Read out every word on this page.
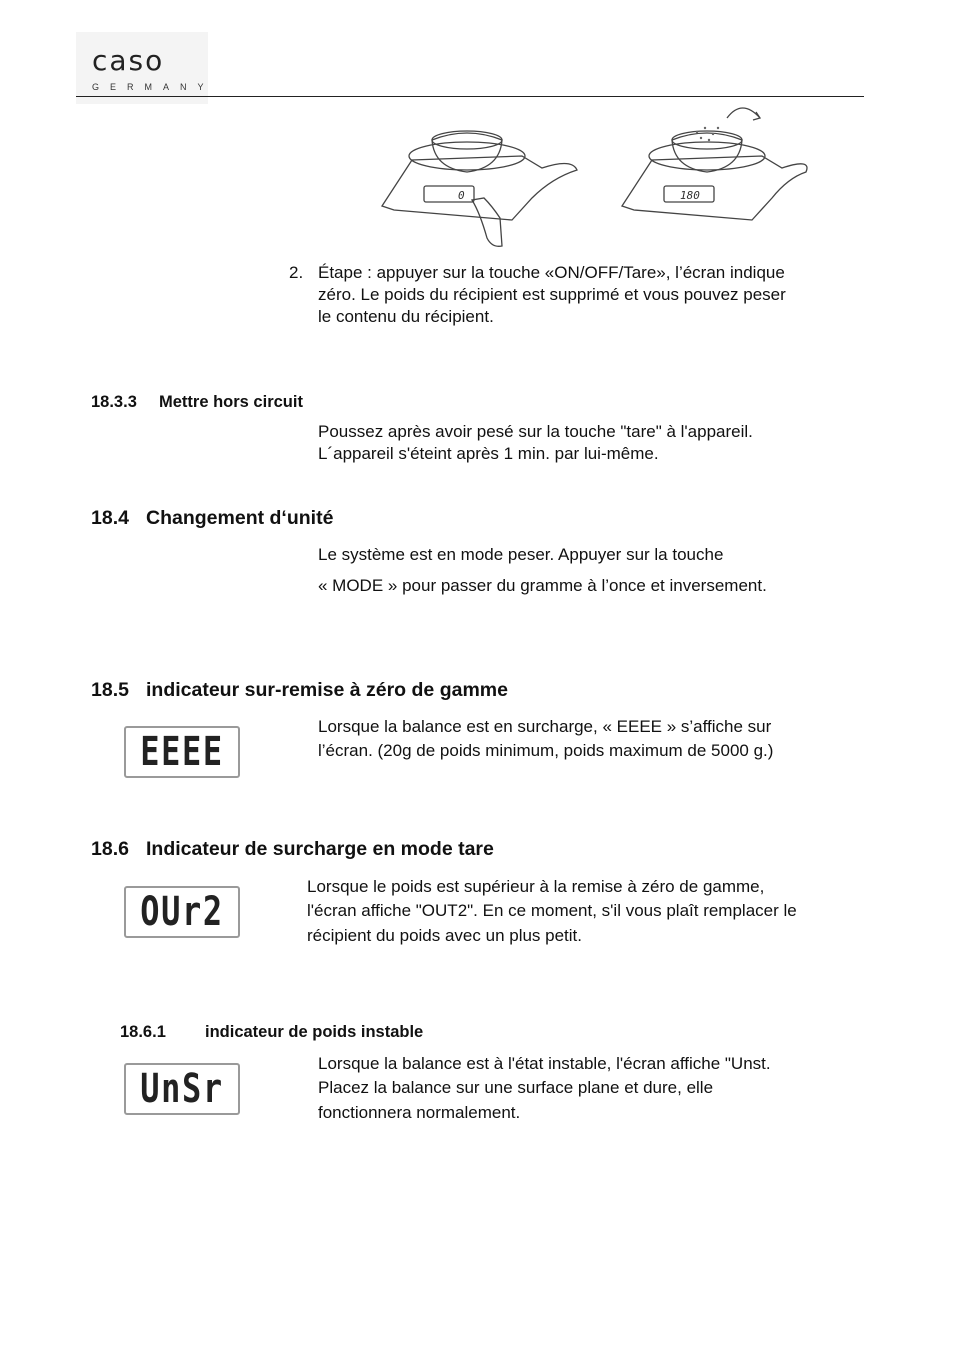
caso
GERMANY
0	180
2. Étape : appuyer sur la touche «ON/OFF/Tare», l’écran indique
zéro. Le poids du récipient est supprimé et vous pouvez peser
le contenu du récipient.
18.3.3 Mettre hors circuit
Poussez après avoir pesé sur la touche "tare" à l'appareil.
L´appareil s'éteint après 1 min. par lui-même.
18.4 Changement d‘unité
Le système est en mode peser. Appuyer sur la touche
« MODE » pour passer du gramme à l’once et inversement.
18.5 indicateur sur-remise à zéro de gamme
EEEE
Lorsque la balance est en surcharge, « EEEE » s’affiche sur
l’écran. (20g de poids minimum, poids maximum de 5000 g.)
18.6 Indicateur de surcharge en mode tare
OUr2
Lorsque le poids est supérieur à la remise à zéro de gamme,
l'écran affiche "OUT2". En ce moment, s'il vous plaît remplacer le
récipient du poids avec un plus petit.
18.6.1 indicateur de poids instable
UnSr
Lorsque la balance est à l'état instable, l'écran affiche "Unst.
Placez la balance sur une surface plane et dure, elle
fonctionnera normalement.
